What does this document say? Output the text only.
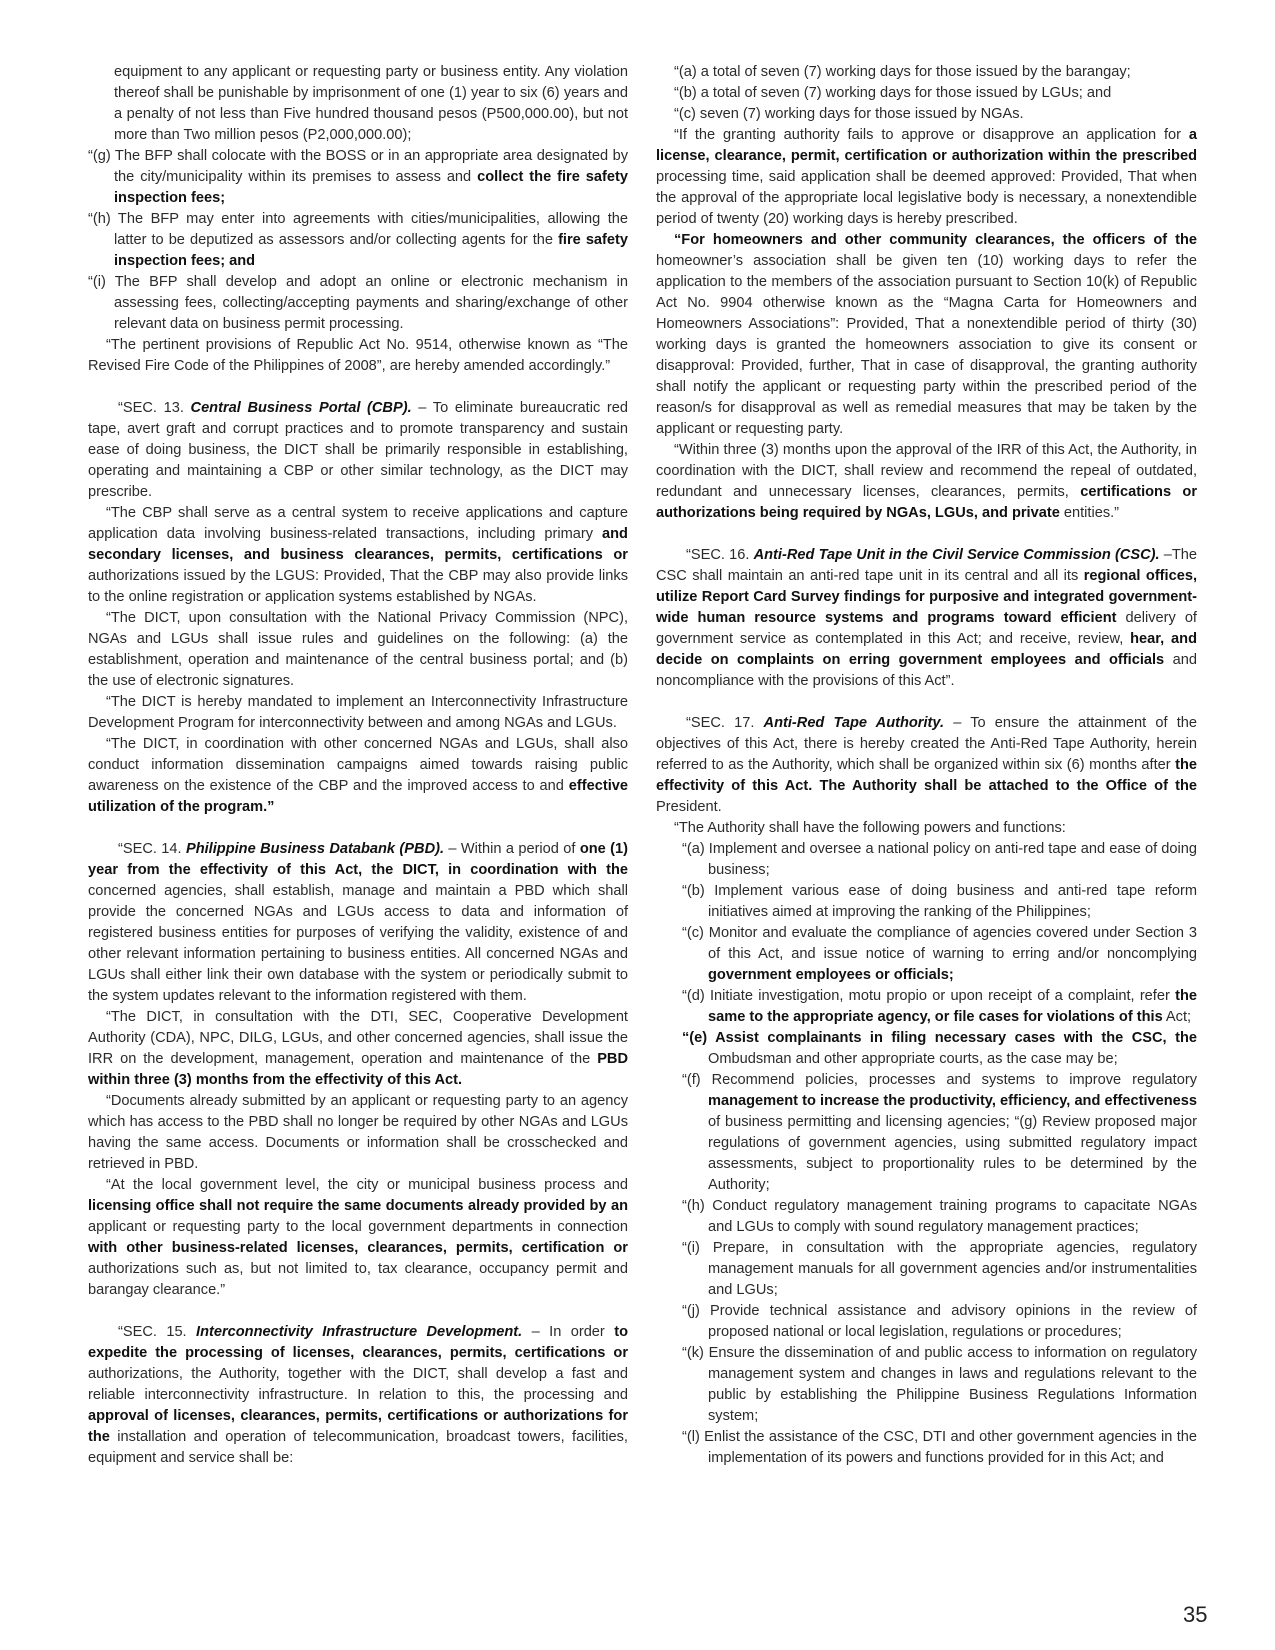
equipment to any applicant or requesting party or business entity. Any violation thereof shall be punishable by imprisonment of one (1) year to six (6) years and a penalty of not less than Five hundred thousand pesos (P500,000.00), but not more than Two million pesos (P2,000,000.00);

“(g) The BFP shall colocate with the BOSS or in an appropriate area designated by the city/municipality within its premises to assess and collect the fire safety inspection fees;

“(h) The BFP may enter into agreements with cities/municipalities, allowing the latter to be deputized as assessors and/or collecting agents for the fire safety inspection fees; and

“(i) The BFP shall develop and adopt an online or electronic mechanism in assessing fees, collecting/accepting payments and sharing/exchange of other relevant data on business permit processing.

“The pertinent provisions of Republic Act No. 9514, otherwise known as “The Revised Fire Code of the Philippines of 2008”, are hereby amended accordingly.”

“SEC. 13. Central Business Portal (CBP). – To eliminate bureaucratic red tape, avert graft and corrupt practices and to promote transparency and sustain ease of doing business, the DICT shall be primarily responsible in establishing, operating and maintaining a CBP or other similar technology, as the DICT may prescribe.

“The CBP shall serve as a central system to receive applications and capture application data involving business-related transactions, including primary and secondary licenses, and business clearances, permits, certifications or authorizations issued by the LGUS: Provided, That the CBP may also provide links to the online registration or application systems established by NGAs.

“The DICT, upon consultation with the National Privacy Commission (NPC), NGAs and LGUs shall issue rules and guidelines on the following: (a) the establishment, operation and maintenance of the central business portal; and (b) the use of electronic signatures.

“The DICT is hereby mandated to implement an Interconnectivity Infrastructure Development Program for interconnectivity between and among NGAs and LGUs.

“The DICT, in coordination with other concerned NGAs and LGUs, shall also conduct information dissemination campaigns aimed towards raising public awareness on the existence of the CBP and the improved access to and effective utilization of the program.”

“SEC. 14. Philippine Business Databank (PBD). – Within a period of one (1) year from the effectivity of this Act, the DICT, in coordination with the concerned agencies, shall establish, manage and maintain a PBD which shall provide the concerned NGAs and LGUs access to data and information of registered business entities for purposes of verifying the validity, existence of and other relevant information pertaining to business entities. All concerned NGAs and LGUs shall either link their own database with the system or periodically submit to the system updates relevant to the information registered with them.

“The DICT, in consultation with the DTI, SEC, Cooperative Development Authority (CDA), NPC, DILG, LGUs, and other concerned agencies, shall issue the IRR on the development, management, operation and maintenance of the PBD within three (3) months from the effectivity of this Act.

“Documents already submitted by an applicant or requesting party to an agency which has access to the PBD shall no longer be required by other NGAs and LGUs having the same access. Documents or information shall be crosschecked and retrieved in PBD.

“At the local government level, the city or municipal business process and licensing office shall not require the same documents already provided by an applicant or requesting party to the local government departments in connection with other business-related licenses, clearances, permits, certification or authorizations such as, but not limited to, tax clearance, occupancy permit and barangay clearance.”

“SEC. 15. Interconnectivity Infrastructure Development. – In order to expedite the processing of licenses, clearances, permits, certifications or authorizations, the Authority, together with the DICT, shall develop a fast and reliable interconnectivity infrastructure. In relation to this, the processing and approval of licenses, clearances, permits, certifications or authorizations for the installation and operation of telecommunication, broadcast towers, facilities, equipment and service shall be:

“(a) a total of seven (7) working days for those issued by the barangay;

“(b) a total of seven (7) working days for those issued by LGUs; and

“(c) seven (7) working days for those issued by NGAs.

“If the granting authority fails to approve or disapprove an application for a license, clearance, permit, certification or authorization within the prescribed processing time, said application shall be deemed approved: Provided, That when the approval of the appropriate local legislative body is necessary, a nonextendible period of twenty (20) working days is hereby prescribed.

“For homeowners and other community clearances, the officers of the homeowner’s association shall be given ten (10) working days to refer the application to the members of the association pursuant to Section 10(k) of Republic Act No. 9904 otherwise known as the “Magna Carta for Homeowners and Homeowners Associations”: Provided, That a nonextendible period of thirty (30) working days is granted the homeowners association to give its consent or disapproval: Provided, further, That in case of disapproval, the granting authority shall notify the applicant or requesting party within the prescribed period of the reason/s for disapproval as well as remedial measures that may be taken by the applicant or requesting party.

“Within three (3) months upon the approval of the IRR of this Act, the Authority, in coordination with the DICT, shall review and recommend the repeal of outdated, redundant and unnecessary licenses, clearances, permits, certifications or authorizations being required by NGAs, LGUs, and private entities.”

“SEC. 16. Anti-Red Tape Unit in the Civil Service Commission (CSC). –The CSC shall maintain an anti-red tape unit in its central and all its regional offices, utilize Report Card Survey findings for purposive and integrated government-wide human resource systems and programs toward efficient delivery of government service as contemplated in this Act; and receive, review, hear, and decide on complaints on erring government employees and officials and noncompliance with the provisions of this Act”.

“SEC. 17. Anti-Red Tape Authority. – To ensure the attainment of the objectives of this Act, there is hereby created the Anti-Red Tape Authority, herein referred to as the Authority, which shall be organized within six (6) months after the effectivity of this Act. The Authority shall be attached to the Office of the President.

“The Authority shall have the following powers and functions:

“(a) Implement and oversee a national policy on anti-red tape and ease of doing business;

“(b) Implement various ease of doing business and anti-red tape reform initiatives aimed at improving the ranking of the Philippines;

“(c) Monitor and evaluate the compliance of agencies covered under Section 3 of this Act, and issue notice of warning to erring and/or noncomplying government employees or officials;

“(d) Initiate investigation, motu propio or upon receipt of a complaint, refer the same to the appropriate agency, or file cases for violations of this Act;

“(e) Assist complainants in filing necessary cases with the CSC, the Ombudsman and other appropriate courts, as the case may be;

“(f) Recommend policies, processes and systems to improve regulatory management to increase the productivity, efficiency, and effectiveness of business permitting and licensing agencies; “(g) Review proposed major regulations of government agencies, using submitted regulatory impact assessments, subject to proportionality rules to be determined by the Authority;

“(h) Conduct regulatory management training programs to capacitate NGAs and LGUs to comply with sound regulatory management practices;

“(i) Prepare, in consultation with the appropriate agencies, regulatory management manuals for all government agencies and/or instrumentalities and LGUs;

“(j) Provide technical assistance and advisory opinions in the review of proposed national or local legislation, regulations or procedures;

“(k) Ensure the dissemination of and public access to information on regulatory management system and changes in laws and regulations relevant to the public by establishing the Philippine Business Regulations Information system;

“(l) Enlist the assistance of the CSC, DTI and other government agencies in the implementation of its powers and functions provided for in this Act; and

35
